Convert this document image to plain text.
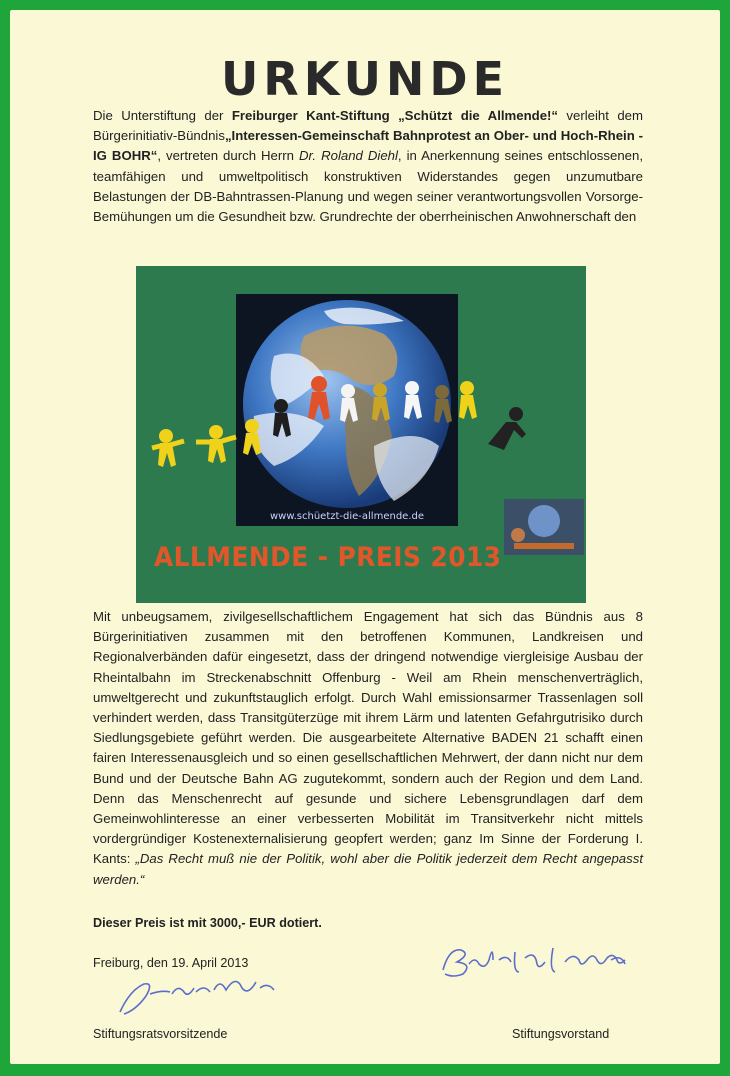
URKUNDE
Die Unterstiftung der Freiburger Kant-Stiftung „Schützt die Allmende!“ verleiht dem Bürgerinitiativ-Bündnis„Interessen-Gemeinschaft Bahnprotest an Ober- und Hoch-Rhein - IG BOHR“, vertreten durch Herrn Dr. Roland Diehl, in Anerkennung seines entschlossenen, teamfähigen und umweltpolitisch konstruktiven Widerstandes gegen unzumutbare Belastungen der DB-Bahntrassen-Planung und wegen seiner verantwortungsvollen Vorsorge-Bemühungen um die Gesundheit bzw. Grundrechte der oberrheinischen Anwohnerschaft den
www.schüetzt-die-allmende.de
ALLMENDE - PREIS 2013
Mit unbeugsamem, zivilgesellschaftlichem Engagement hat sich das Bündnis aus 8 Bürgerinitiativen zusammen mit den betroffenen Kommunen, Landkreisen und Regionalverbänden dafür eingesetzt, dass der dringend notwendige viergleisige Ausbau der Rheintalbahn im Streckenabschnitt Offenburg - Weil am Rhein menschenverträglich, umweltgerecht und zukunftstauglich erfolgt. Durch Wahl emissionsarmer Trassenlagen soll verhindert werden, dass Transitgüterzüge mit ihrem Lärm und latenten Gefahrgutrisiko durch Siedlungsgebiete geführt werden. Die ausgearbeitete Alternative BADEN 21 schafft einen fairen Interessenausgleich und so einen gesellschaftlichen Mehrwert, der dann nicht nur dem Bund und der Deutsche Bahn AG zugutekommt, sondern auch der Region und dem Land. Denn das Menschenrecht auf gesunde und sichere Lebensgrundlagen darf dem Gemeinwohlinteresse an einer verbesserten Mobilität im Transitverkehr nicht mittels vordergründiger Kostenexternalisierung geopfert werden; ganz Im Sinne der Forderung I. Kants: „Das Recht muß nie der Politik, wohl aber die Politik jederzeit dem Recht angepasst werden.“
Dieser Preis ist mit 3000,- EUR dotiert.
Freiburg, den 19. April 2013
Stiftungsratsvorsitzende	Stiftungsvorstand
